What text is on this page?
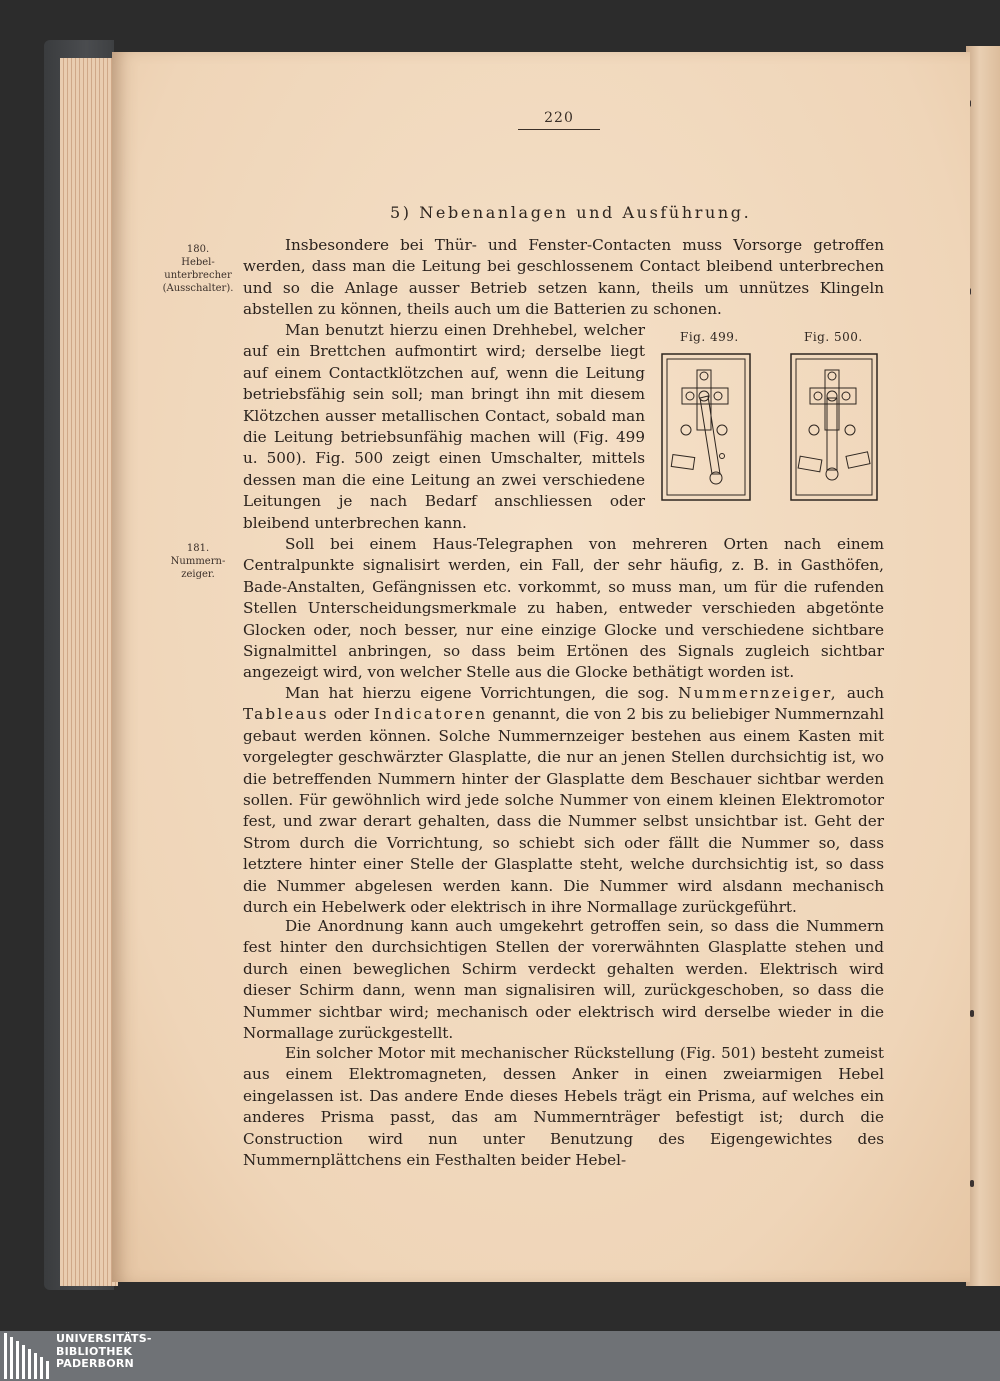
220
5) Nebenanlagen und Ausführung.
180.
Hebel-
unterbrecher
(Ausschalter).
181.
Nummern-
zeiger.

Insbesondere bei Thür- und Fenster-Contacten muss Vorsorge getroffen werden, dass man die Leitung bei geschlossenem Contact bleibend unterbrechen und so die Anlage ausser Betrieb setzen kann, theils um unnützes Klingeln abstellen zu können, theils auch um die Batterien zu schonen.

Man benutzt hierzu einen Drehhebel, welcher auf ein Brettchen aufmontirt wird; derselbe liegt auf einem Contactklötzchen auf, wenn die Leitung betriebsfähig sein soll; man bringt ihn mit diesem Klötzchen ausser metallischen Contact, sobald man die Leitung betriebsunfähig machen will (Fig. 499 u. 500). Fig. 500 zeigt einen Umschalter, mittels dessen man die eine Leitung an zwei verschiedene Leitungen je nach Bedarf anschliessen oder bleibend unterbrechen kann.

Fig. 499.	Fig. 500.

Soll bei einem Haus-Telegraphen von mehreren Orten nach einem Centralpunkte signalisirt werden, ein Fall, der sehr häufig, z. B. in Gasthöfen, Bade-Anstalten, Gefängnissen etc. vorkommt, so muss man, um für die rufenden Stellen Unterscheidungsmerkmale zu haben, entweder verschieden abgetönte Glocken oder, noch besser, nur eine einzige Glocke und verschiedene sichtbare Signalmittel anbringen, so dass beim Ertönen des Signals zugleich sichtbar angezeigt wird, von welcher Stelle aus die Glocke bethätigt worden ist.

Man hat hierzu eigene Vorrichtungen, die sog. Nummernzeiger, auch Tableaus oder Indicatoren genannt, die von 2 bis zu beliebiger Nummernzahl gebaut werden können. Solche Nummernzeiger bestehen aus einem Kasten mit vorgelegter geschwärzter Glasplatte, die nur an jenen Stellen durchsichtig ist, wo die betreffenden Nummern hinter der Glasplatte dem Beschauer sichtbar werden sollen. Für gewöhnlich wird jede solche Nummer von einem kleinen Elektromotor fest, und zwar derart gehalten, dass die Nummer selbst unsichtbar ist. Geht der Strom durch die Vorrichtung, so schiebt sich oder fällt die Nummer so, dass letztere hinter einer Stelle der Glasplatte steht, welche durchsichtig ist, so dass die Nummer abgelesen werden kann. Die Nummer wird alsdann mechanisch durch ein Hebelwerk oder elektrisch in ihre Normallage zurückgeführt.

Die Anordnung kann auch umgekehrt getroffen sein, so dass die Nummern fest hinter den durchsichtigen Stellen der vorerwähnten Glasplatte stehen und durch einen beweglichen Schirm verdeckt gehalten werden. Elektrisch wird dieser Schirm dann, wenn man signalisiren will, zurückgeschoben, so dass die Nummer sichtbar wird; mechanisch oder elektrisch wird derselbe wieder in die Normallage zurückgestellt.

Ein solcher Motor mit mechanischer Rückstellung (Fig. 501) besteht zumeist aus einem Elektromagneten, dessen Anker in einen zweiarmigen Hebel eingelassen ist. Das andere Ende dieses Hebels trägt ein Prisma, auf welches ein anderes Prisma passt, das am Nummernträger befestigt ist; durch die Construction wird nun unter Benutzung des Eigengewichtes des Nummernplättchens ein Festhalten beider Hebel-

UNIVERSITÄTS-
BIBLIOTHEK
PADERBORN
